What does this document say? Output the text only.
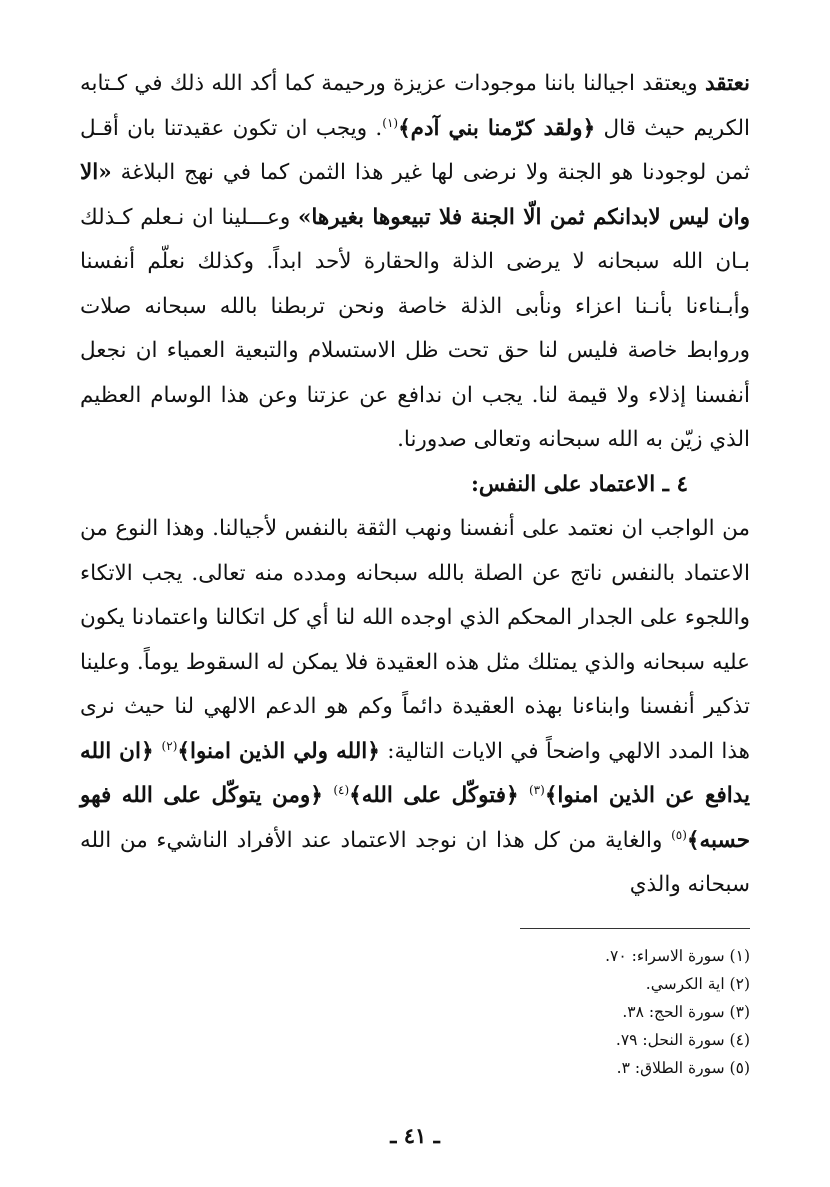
نعتقد ويعتقد اجيالنا باننا موجودات عزيزة ورحيمة كما أكد الله ذلك في كـتابه الكريم حيث قال ﴿ولقد كرّمنا بني آدم﴾$^{(١)}$. ويجب ان تكون عقيدتنا بان أقـل ثمن لوجودنا هو الجنة ولا نرضى لها غير هذا الثمن كما في نهج البلاغة «الا وان ليس لابدانكم ثمن الّا الجنة فلا تبيعوها بغيرها» وعـــلينا ان نـعلم كـذلك بـان الله سبحانه لا يرضى الذلة والحقارة لأحد ابداً. وكذلك نعلّم أنفسنا وأبـناءنا بأنـنا اعزاء ونأبى الذلة خاصة ونحن تربطنا بالله سبحانه صلات وروابط خاصة فليس لنا حق تحت ظل الاستسلام والتبعية العمياء ان نجعل أنفسنا إذلاء ولا قيمة لنا. يجب ان ندافع عن عزتنا وعن هذا الوسام العظيم الذي زيّن به الله سبحانه وتعالى صدورنا.

٤ ـ الاعتماد على النفس:

من الواجب ان نعتمد على أنفسنا ونهب الثقة بالنفس لأجيالنا. وهذا النوع من الاعتماد بالنفس ناتج عن الصلة بالله سبحانه ومدده منه تعالى. يجب الاتكاء واللجوء على الجدار المحكم الذي اوجده الله لنا أي كل اتكالنا واعتمادنا يكون عليه سبحانه والذي يمتلك مثل هذه العقيدة فلا يمكن له السقوط يوماً. وعلينا تذكير أنفسنا وابناءنا بهذه العقيدة دائماً وكم هو الدعم الالهي لنا حيث نرى هذا المدد الالهي واضحاً في الايات التالية: ﴿الله ولي الذين امنوا﴾$^{(٢)}$ ﴿ان الله يدافع عن الذين امنوا﴾$^{(٣)}$ ﴿فتوكّل على الله﴾$^{(٤)}$ ﴿ومن يتوكّل على الله فهو حسبه﴾$^{(٥)}$ والغاية من كل هذا ان نوجد الاعتماد عند الأفراد الناشيء من الله سبحانه والذي

(١) سورة الاسراء: ٧٠.
(٢) اية الكرسي.
(٣) سورة الحج: ٣٨.
(٤) سورة النحل: ٧٩.
(٥) سورة الطلاق: ٣.
ـ ٤١ ـ
